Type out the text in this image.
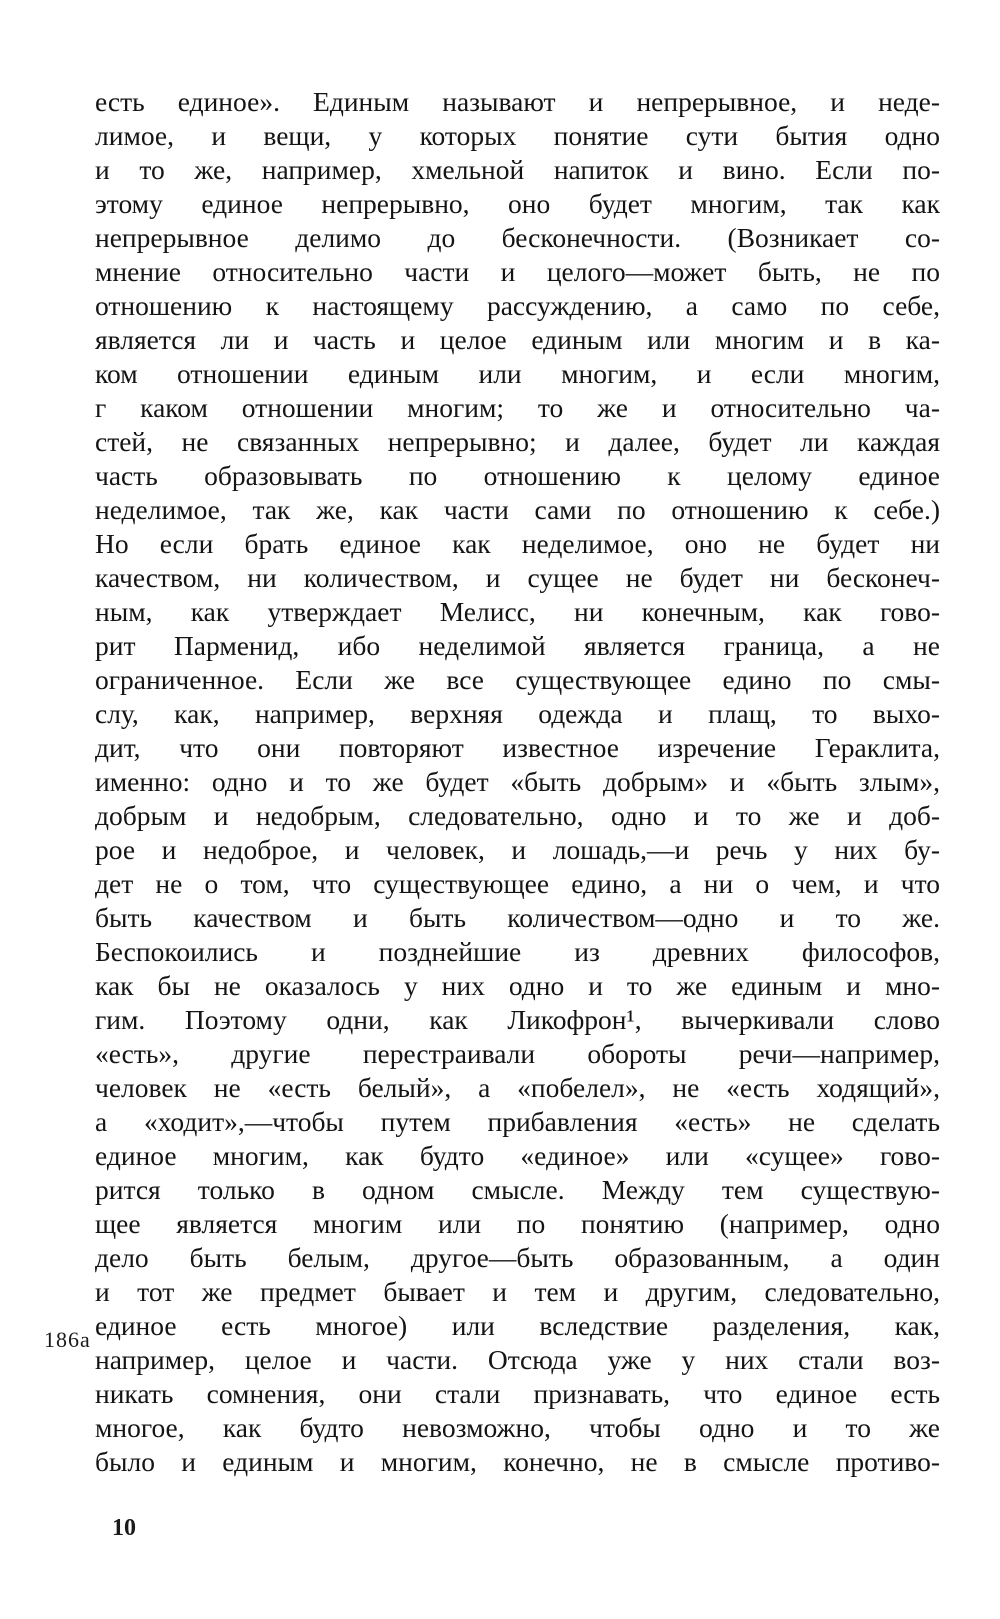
есть единое». Единым называют и непрерывное, и неде-
лимое, и вещи, у которых понятие сути бытия одно
и то же, например, хмельной напиток и вино. Если по-
этому единое непрерывно, оно будет многим, так как
непрерывное делимо до бесконечности. (Возникает со-
мнение относительно части и целого—может быть, не по
отношению к настоящему рассуждению, а само по себе,
является ли и часть и целое единым или многим и в ка-
ком отношении единым или многим, и если многим,
г каком отношении многим; то же и относительно ча-
стей, не связанных непрерывно; и далее, будет ли каждая
часть образовывать по отношению к целому единое
неделимое, так же, как части сами по отношению к себе.)
Но если брать единое как неделимое, оно не будет ни
качеством, ни количеством, и сущее не будет ни бесконеч-
ным, как утверждает Мелисс, ни конечным, как гово-
рит Парменид, ибо неделимой является граница, а не
ограниченное. Если же все существующее едино по смы-
слу, как, например, верхняя одежда и плащ, то выхо-
дит, что они повторяют известное изречение Гераклита,
именно: одно и то же будет «быть добрым» и «быть злым»,
добрым и недобрым, следовательно, одно и то же и доб-
рое и недоброе, и человек, и лошадь,—и речь у них бу-
дет не о том, что существующее едино, а ни о чем, и что
быть качеством и быть количеством—одно и то же.
Беспокоились и позднейшие из древних философов,
как бы не оказалось у них одно и то же единым и мно-
гим. Поэтому одни, как Ликофрон¹, вычеркивали слово
«есть», другие перестраивали обороты речи—например,
человек не «есть белый», а «побелел», не «есть ходящий»,
а «ходит»,—чтобы путем прибавления «есть» не сделать
единое многим, как будто «единое» или «сущее» гово-
рится только в одном смысле. Между тем существую-
щее является многим или по понятию (например, одно
дело быть белым, другое—быть образованным, а один
и тот же предмет бывает и тем и другим, следовательно,
единое есть многое) или вследствие разделения, как,
например, целое и части. Отсюда уже у них стали воз-
никать сомнения, они стали признавать, что единое есть
многое, как будто невозможно, чтобы одно и то же
было и единым и многим, конечно, не в смысле противо-
186a
10
